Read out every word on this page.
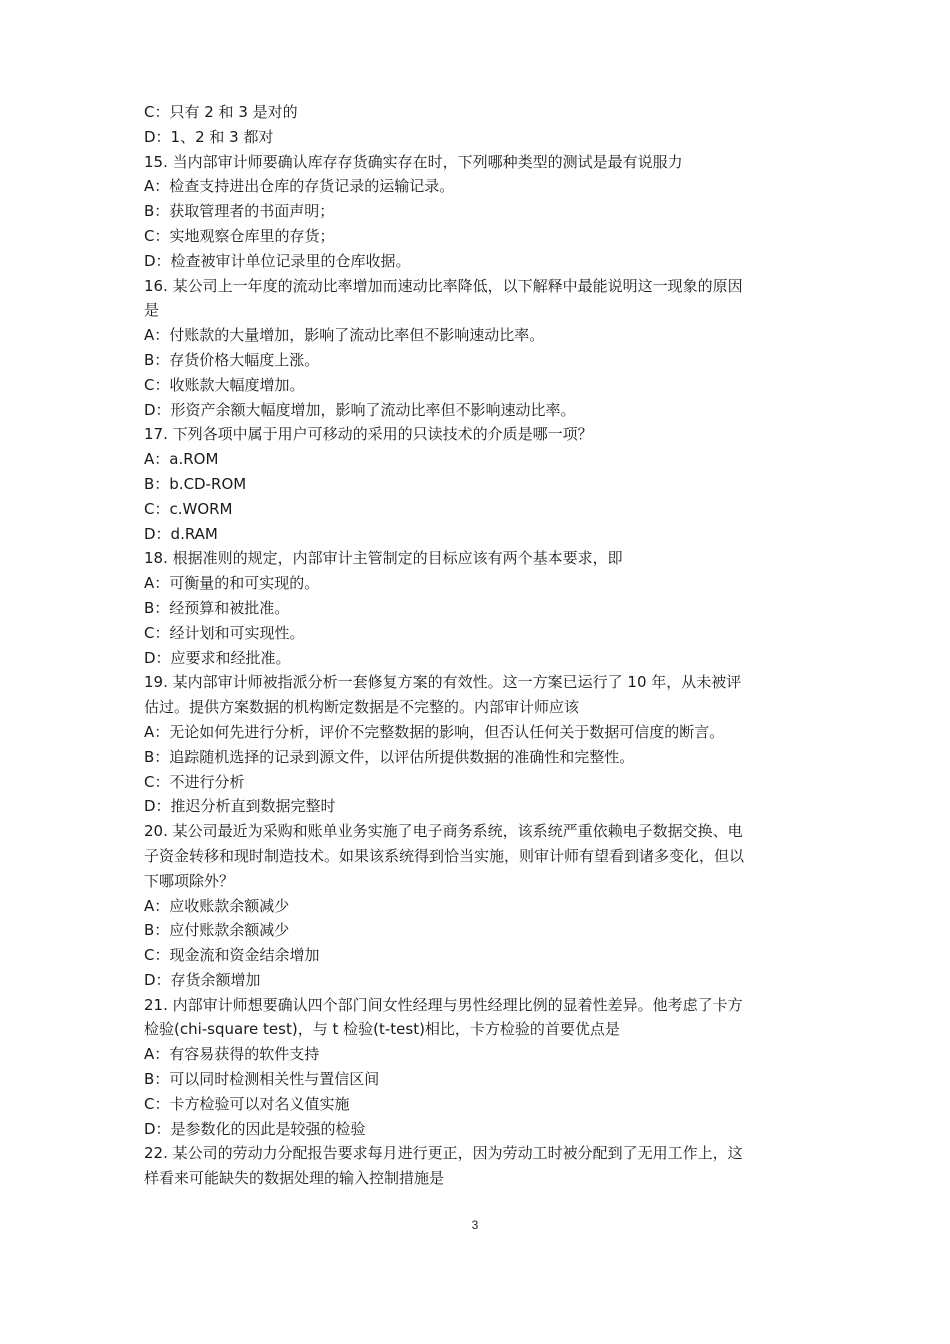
C：只有 2 和 3 是对的
D：1、2 和 3 都对
15. 当内部审计师要确认库存存货确实存在时，下列哪种类型的测试是最有说服力
A：检查支持进出仓库的存货记录的运输记录。
B：获取管理者的书面声明；
C：实地观察仓库里的存货；
D：检查被审计单位记录里的仓库收据。
16. 某公司上一年度的流动比率增加而速动比率降低，以下解释中最能说明这一现象的原因
是
A：付账款的大量增加，影响了流动比率但不影响速动比率。
B：存货价格大幅度上涨。
C：收账款大幅度增加。
D：形资产余额大幅度增加，影响了流动比率但不影响速动比率。
17. 下列各项中属于用户可移动的采用的只读技术的介质是哪一项？
A：a.ROM
B：b.CD-ROM
C：c.WORM
D：d.RAM
18. 根据准则的规定，内部审计主管制定的目标应该有两个基本要求，即
A：可衡量的和可实现的。
B：经预算和被批准。
C：经计划和可实现性。
D：应要求和经批准。
19. 某内部审计师被指派分析一套修复方案的有效性。这一方案已运行了 10 年，从未被评
估过。提供方案数据的机构断定数据是不完整的。内部审计师应该
A：无论如何先进行分析，评价不完整数据的影响，但否认任何关于数据可信度的断言。
B：追踪随机选择的记录到源文件，以评估所提供数据的准确性和完整性。
C：不进行分析
D：推迟分析直到数据完整时
20. 某公司最近为采购和账单业务实施了电子商务系统，该系统严重依赖电子数据交换、电
子资金转移和现时制造技术。如果该系统得到恰当实施，则审计师有望看到诸多变化，但以
下哪项除外？
A：应收账款余额减少
B：应付账款余额减少
C：现金流和资金结余增加
D：存货余额增加
21. 内部审计师想要确认四个部门间女性经理与男性经理比例的显着性差异。他考虑了卡方
检验(chi-square test)，与 t 检验(t-test)相比，卡方检验的首要优点是
A：有容易获得的软件支持
B：可以同时检测相关性与置信区间
C：卡方检验可以对名义值实施
D：是参数化的因此是较强的检验
22. 某公司的劳动力分配报告要求每月进行更正，因为劳动工时被分配到了无用工作上，这
样看来可能缺失的数据处理的输入控制措施是
3
